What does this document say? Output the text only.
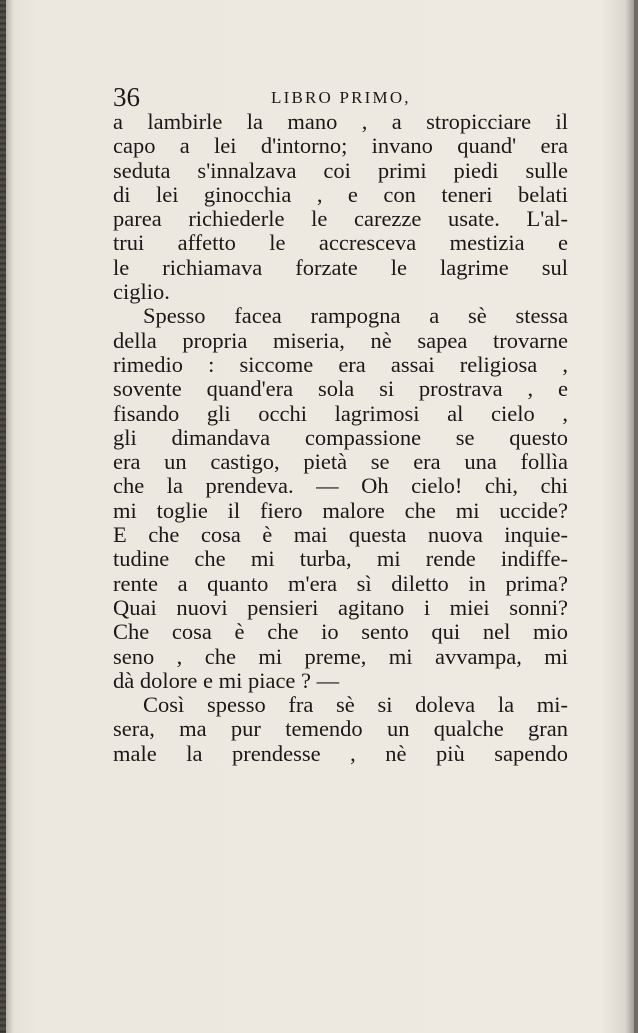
36	LIBRO PRIMO,
a lambirle la mano , a stropicciare il
capo a lei d'intorno; invano quand' era
seduta s'innalzava coi primi piedi sulle
di lei ginocchia , e con teneri belati
parea richiederle le carezze usate. L'al-
trui affetto le accresceva mestizia e
le richiamava forzate le lagrime sul
ciglio.
Spesso facea rampogna a sè stessa
della propria miseria, nè sapea trovarne
rimedio : siccome era assai religiosa ,
sovente quand'era sola si prostrava , e
fisando gli occhi lagrimosi al cielo ,
gli dimandava compassione se questo
era un castigo, pietà se era una follìa
che la prendeva. — Oh cielo! chi, chi
mi toglie il fiero malore che mi uccide?
E che cosa è mai questa nuova inquie-
tudine che mi turba, mi rende indiffe-
rente a quanto m'era sì diletto in prima?
Quai nuovi pensieri agitano i miei sonni?
Che cosa è che io sento qui nel mio
seno , che mi preme, mi avvampa, mi
dà dolore e mi piace ? —
Così spesso fra sè si doleva la mi-
sera, ma pur temendo un qualche gran
male la prendesse , nè più sapendo
